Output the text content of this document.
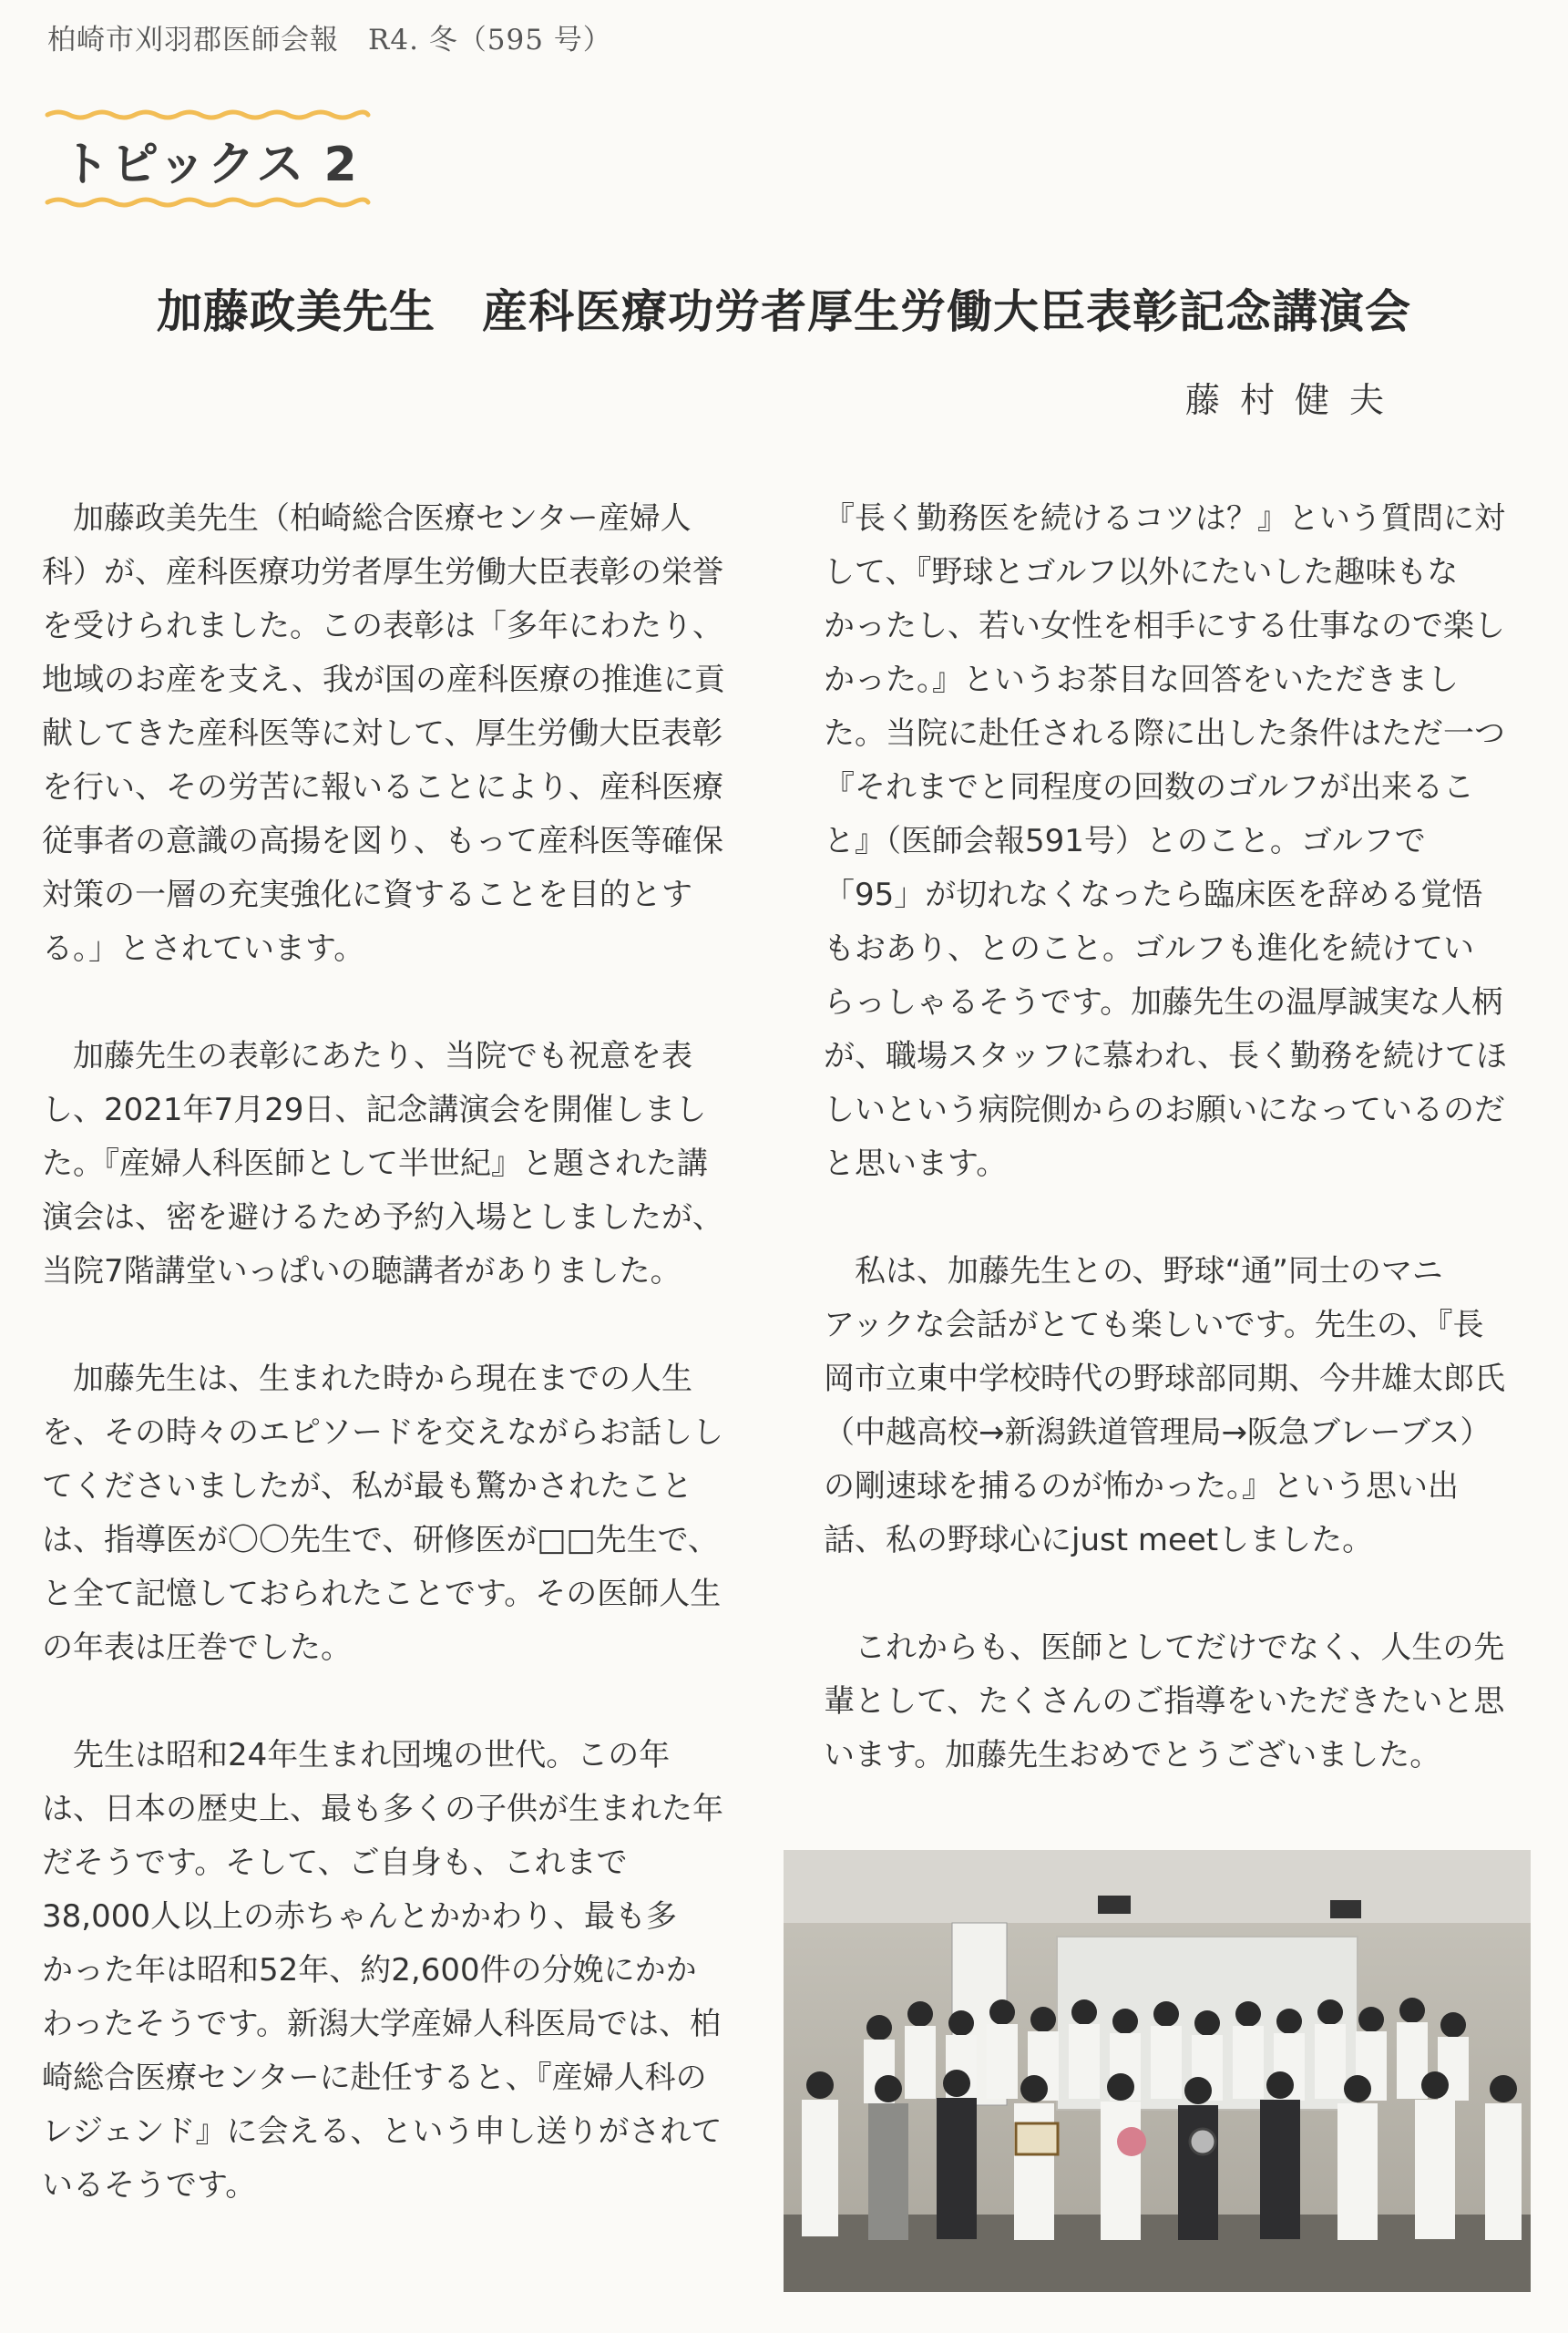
柏崎市刈羽郡医師会報　R4. 冬（595 号）
トピックス 2
加藤政美先生　産科医療功労者厚生労働大臣表彰記念講演会
藤村健夫
　加藤政美先生（柏崎総合医療センター産婦人
科）が、産科医療功労者厚生労働大臣表彰の栄誉
を受けられました。この表彰は「多年にわたり、
地域のお産を支え、我が国の産科医療の推進に貢
献してきた産科医等に対して、厚生労働大臣表彰
を行い、その労苦に報いることにより、産科医療
従事者の意識の高揚を図り、もって産科医等確保
対策の一層の充実強化に資することを目的とす
る。」とされています。
　加藤先生の表彰にあたり、当院でも祝意を表
し、2021年7月29日、記念講演会を開催しまし
た。『産婦人科医師として半世紀』と題された講
演会は、密を避けるため予約入場としましたが、
当院7階講堂いっぱいの聴講者がありました。
　加藤先生は、生まれた時から現在までの人生
を、その時々のエピソードを交えながらお話しし
てくださいましたが、私が最も驚かされたこと
は、指導医が〇〇先生で、研修医が□□先生で、
と全て記憶しておられたことです。その医師人生
の年表は圧巻でした。
　先生は昭和24年生まれ団塊の世代。この年
は、日本の歴史上、最も多くの子供が生まれた年
だそうです。そして、ご自身も、これまで
38,000人以上の赤ちゃんとかかわり、最も多
かった年は昭和52年、約2,600件の分娩にかか
わったそうです。新潟大学産婦人科医局では、柏
崎総合医療センターに赴任すると、『産婦人科の
レジェンド』に会える、という申し送りがされて
いるそうです。
『長く勤務医を続けるコツは？』という質問に対
して、『野球とゴルフ以外にたいした趣味もな
かったし、若い女性を相手にする仕事なので楽し
かった。』というお茶目な回答をいただきまし
た。当院に赴任される際に出した条件はただ一つ
『それまでと同程度の回数のゴルフが出来るこ
と』（医師会報591号）とのこと。ゴルフで
「95」が切れなくなったら臨床医を辞める覚悟
もおあり、とのこと。ゴルフも進化を続けてい
らっしゃるそうです。加藤先生の温厚誠実な人柄
が、職場スタッフに慕われ、長く勤務を続けてほ
しいという病院側からのお願いになっているのだ
と思います。
　私は、加藤先生との、野球“通”同士のマニ
アックな会話がとても楽しいです。先生の、『長
岡市立東中学校時代の野球部同期、今井雄太郎氏
（中越高校→新潟鉄道管理局→阪急ブレーブス）
の剛速球を捕るのが怖かった。』という思い出
話、私の野球心にjust meetしました。
　これからも、医師としてだけでなく、人生の先
輩として、たくさんのご指導をいただきたいと思
います。加藤先生おめでとうございました。
